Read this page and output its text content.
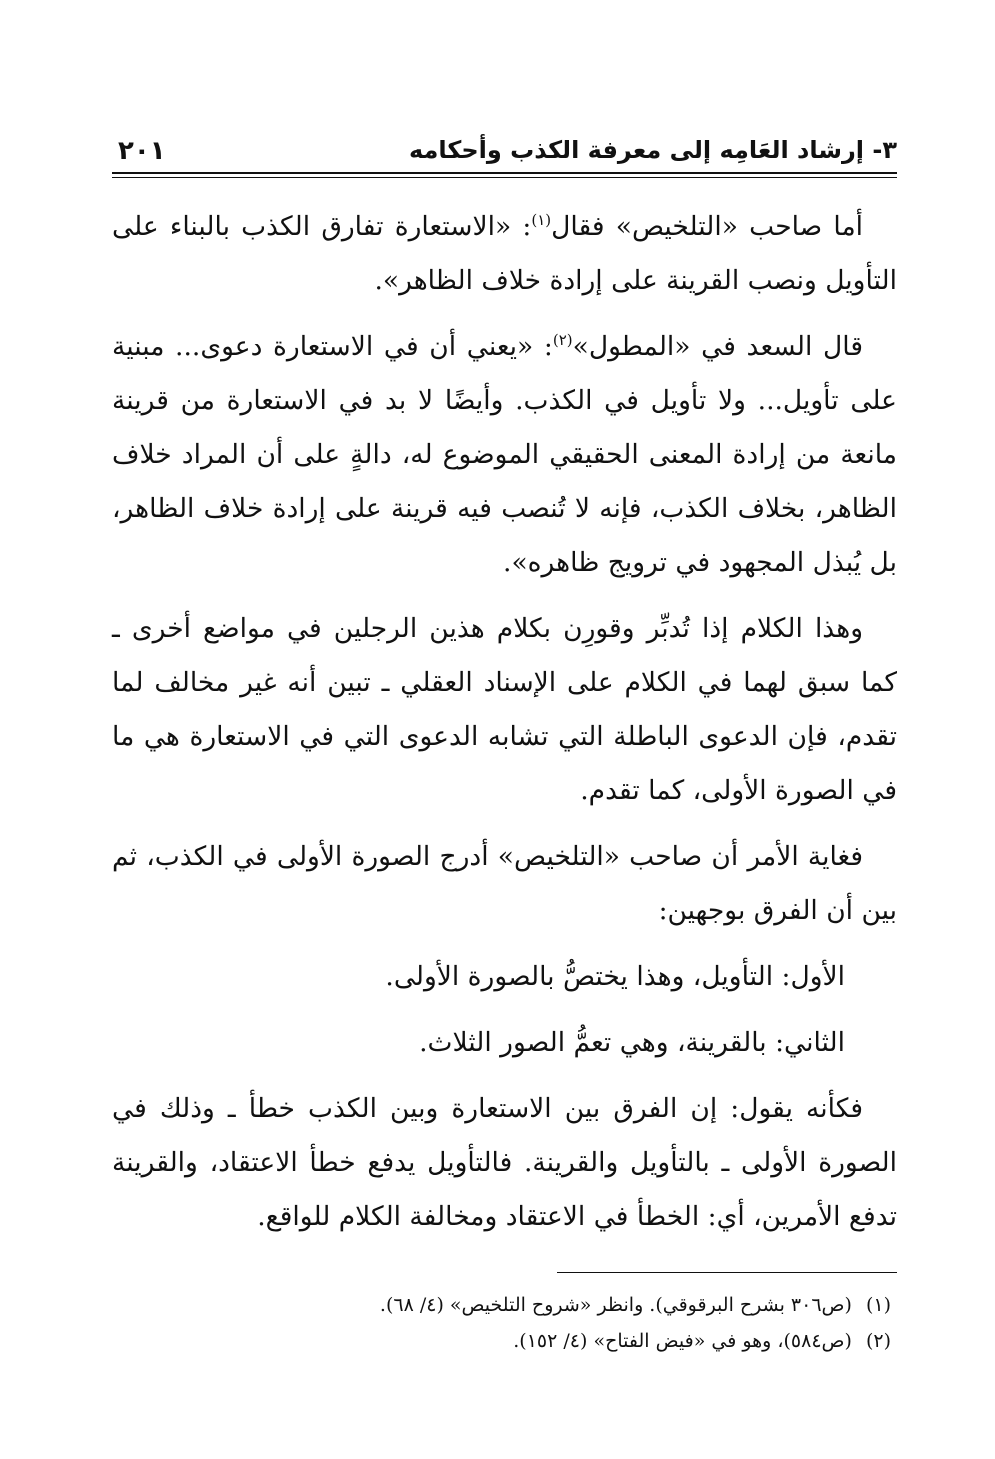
٣- إرشاد العَامِه إلى معرفة الكذب وأحكامه
٢٠١

أما صاحب «التلخيص» فقال$^{(١)}$: «الاستعارة تفارق الكذب بالبناء على التأويل ونصب القرينة على إرادة خلاف الظاهر».

قال السعد في «المطول»$^{(٢)}$: «يعني أن في الاستعارة دعوى... مبنية على تأويل... ولا تأويل في الكذب. وأيضًا لا بد في الاستعارة من قرينة مانعة من إرادة المعنى الحقيقي الموضوع له، دالةٍ على أن المراد خلاف الظاهر، بخلاف الكذب، فإنه لا تُنصب فيه قرينة على إرادة خلاف الظاهر، بل يُبذل المجهود في ترويج ظاهره».

وهذا الكلام إذا تُدبِّر وقورِن بكلام هذين الرجلين في مواضع أخرى ـ كما سبق لهما في الكلام على الإسناد العقلي ـ تبين أنه غير مخالف لما تقدم، فإن الدعوى الباطلة التي تشابه الدعوى التي في الاستعارة هي ما في الصورة الأولى، كما تقدم.

فغاية الأمر أن صاحب «التلخيص» أدرج الصورة الأولى في الكذب، ثم بين أن الفرق بوجهين:

الأول: التأويل، وهذا يختصُّ بالصورة الأولى.

الثاني: بالقرينة، وهي تعمُّ الصور الثلاث.

فكأنه يقول: إن الفرق بين الاستعارة وبين الكذب خطأ ـ وذلك في الصورة الأولى ـ بالتأويل والقرينة. فالتأويل يدفع خطأ الاعتقاد، والقرينة تدفع الأمرين، أي: الخطأ في الاعتقاد ومخالفة الكلام للواقع.

(١)(ص٣٠٦ بشرح البرقوقي). وانظر «شروح التلخيص» (٤/ ٦٨).

(٢)(ص٥٨٤)، وهو في «فيض الفتاح» (٤/ ١٥٢).
